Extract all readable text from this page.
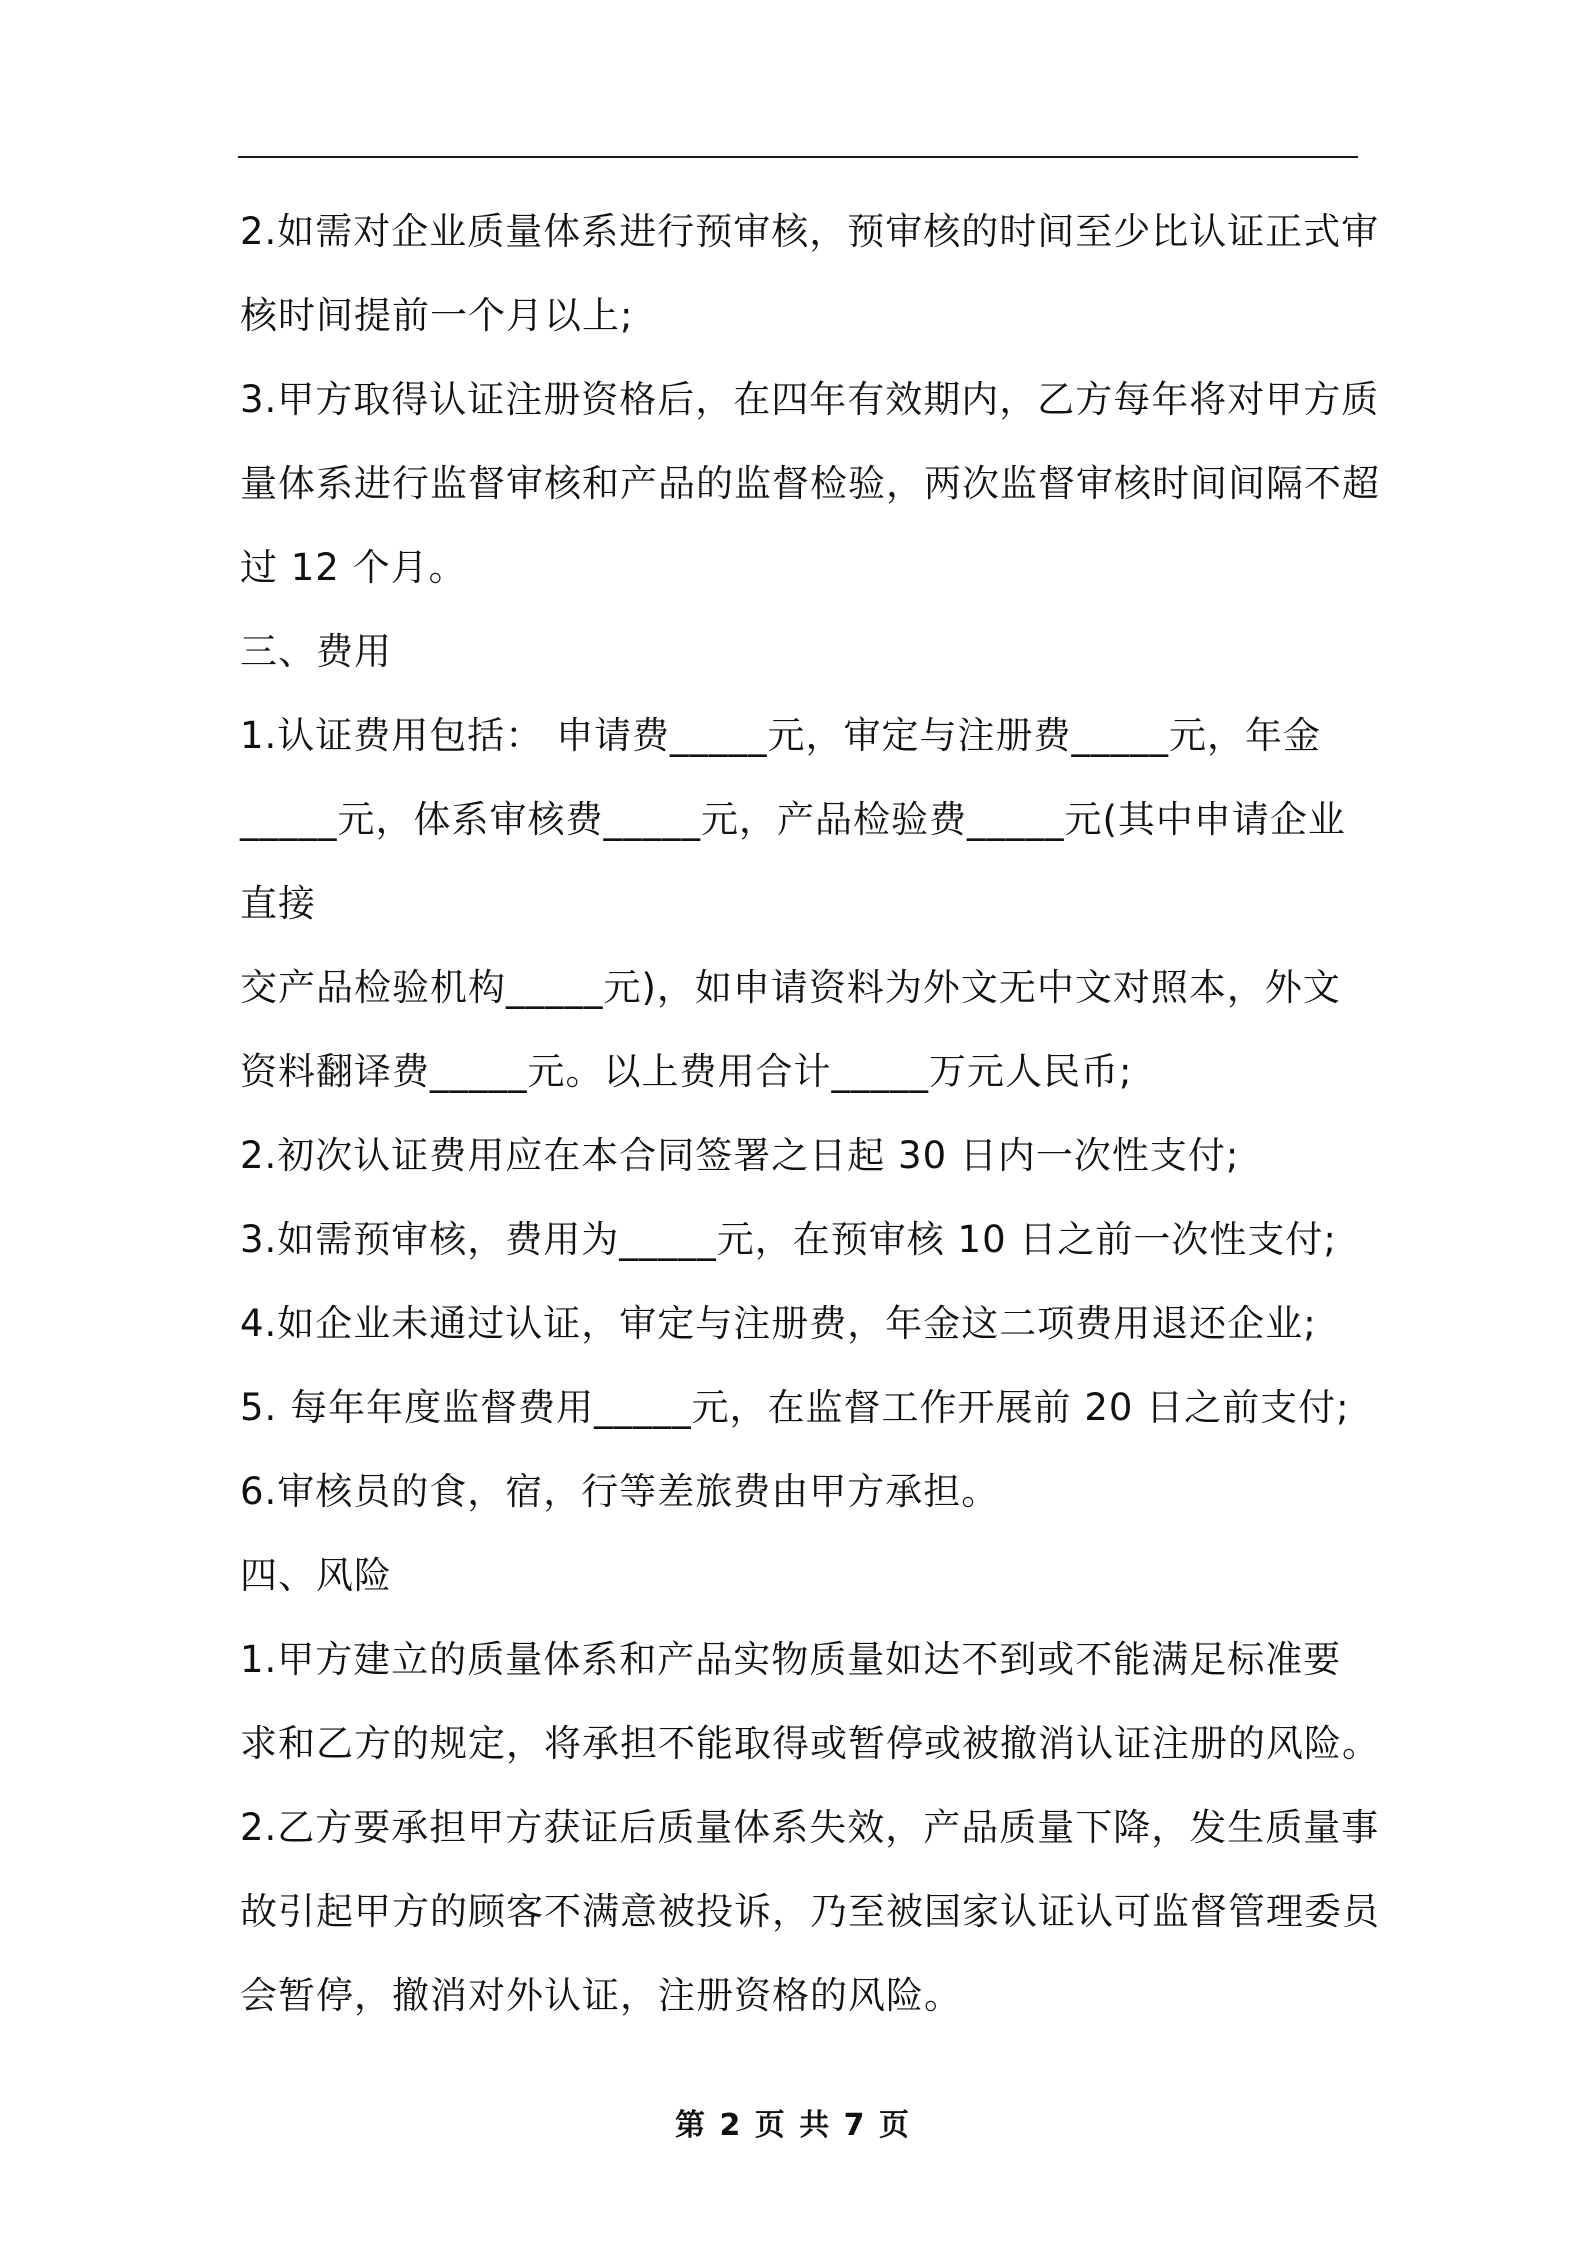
2.如需对企业质量体系进行预审核，预审核的时间至少比认证正式审
核时间提前一个月以上;
3.甲方取得认证注册资格后，在四年有效期内，乙方每年将对甲方质
量体系进行监督审核和产品的监督检验，两次监督审核时间间隔不超
过 12 个月。
三、费用
1.认证费用包括： 申请费_____元，审定与注册费_____元，年金
_____元，体系审核费_____元，产品检验费_____元(其中申请企业
直接
交产品检验机构_____元)，如申请资料为外文无中文对照本，外文
资料翻译费_____元。以上费用合计_____万元人民币;
2.初次认证费用应在本合同签署之日起 30 日内一次性支付;
3.如需预审核，费用为_____元，在预审核 10 日之前一次性支付;
4.如企业未通过认证，审定与注册费，年金这二项费用退还企业;
5. 每年年度监督费用_____元，在监督工作开展前 20 日之前支付;
6.审核员的食，宿，行等差旅费由甲方承担。
四、风险
1.甲方建立的质量体系和产品实物质量如达不到或不能满足标准要
求和乙方的规定，将承担不能取得或暂停或被撤消认证注册的风险。
2.乙方要承担甲方获证后质量体系失效，产品质量下降，发生质量事
故引起甲方的顾客不满意被投诉，乃至被国家认证认可监督管理委员
会暂停，撤消对外认证，注册资格的风险。
第 2 页 共 7 页
